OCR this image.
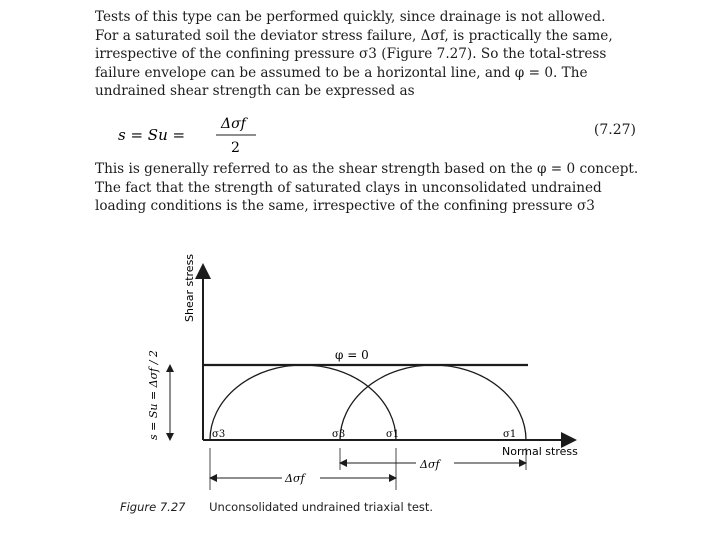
Tests of this type can be performed quickly, since drainage is not allowed.
For a saturated soil the deviator stress failure, Δσf, is practically the same,
irrespective of the confining pressure σ3 (Figure 7.27). So the total-stress
failure envelope can be assumed to be a horizontal line, and φ = 0. The
undrained shear strength can be expressed as
s = Su =
Δσf
2
(7.27)
This is generally referred to as the shear strength based on the φ = 0 concept.
The fact that the strength of saturated clays in unconsolidated undrained
loading conditions is the same, irrespective of the confining pressure σ3
Shear stress
Normal stress
φ = 0
σ3	σ3	σ1	σ1
s = Su = Δσf / 2
Δσf
Δσf
Figure 7.27 Unconsolidated undrained triaxial test.
